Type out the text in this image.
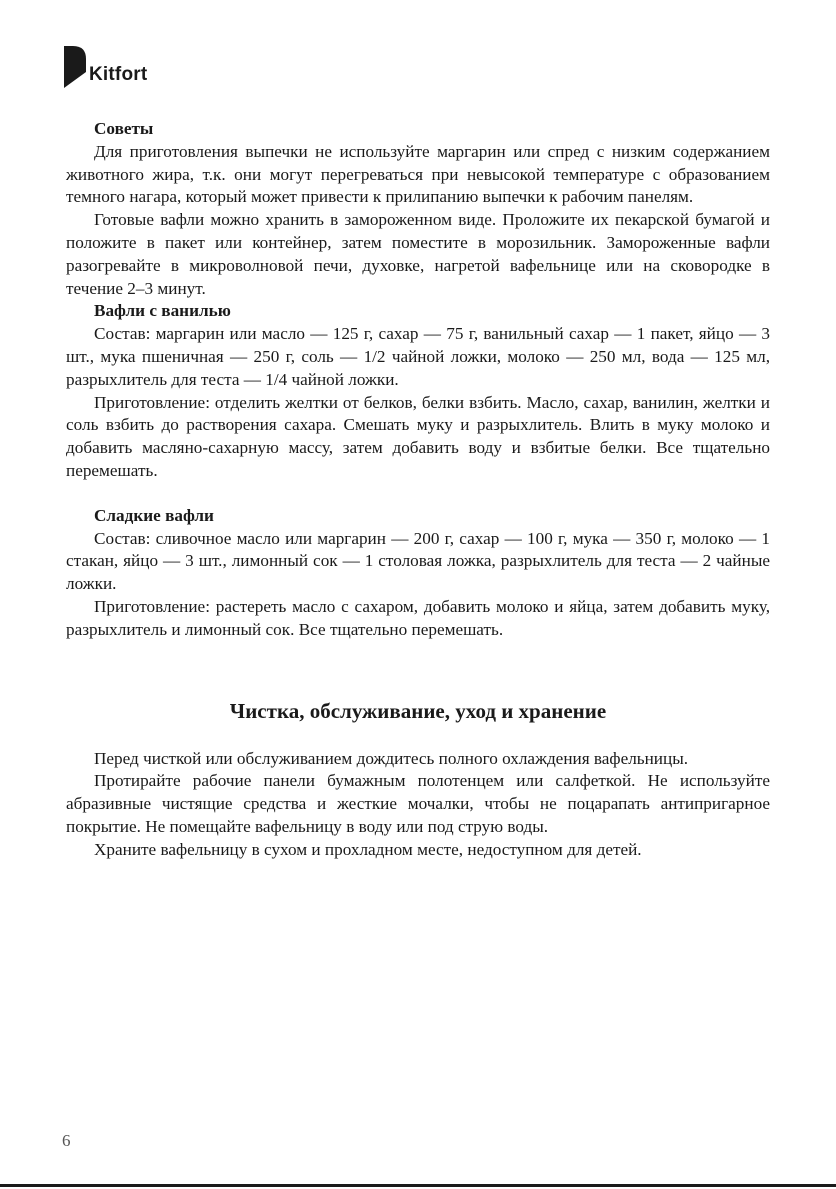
Kitfort
Советы

Для приготовления выпечки не используйте маргарин или спред с низким содержанием животного жира, т.к. они могут перегреваться при невысокой температуре с образованием темного нагара, который может привести к прилипанию выпечки к рабочим панелям.

Готовые вафли можно хранить в замороженном виде. Проложите их пекарской бумагой и положите в пакет или контейнер, затем поместите в морозильник. Замороженные вафли разогревайте в микроволновой печи, духовке, нагретой вафельнице или на сковородке в течение 2–3 минут.

Вафли с ванилью

Состав: маргарин или масло — 125 г, сахар — 75 г, ванильный сахар — 1 пакет, яйцо — 3 шт., мука пшеничная — 250 г, соль — 1/2 чайной ложки, молоко — 250 мл, вода — 125 мл, разрыхлитель для теста — 1/4 чайной ложки.

Приготовление: отделить желтки от белков, белки взбить. Масло, сахар, ванилин, желтки и соль взбить до растворения сахара. Смешать муку и разрыхлитель. Влить в муку молоко и добавить масляно-сахарную массу, затем добавить воду и взбитые белки. Все тщательно перемешать.

Сладкие вафли

Состав: сливочное масло или маргарин — 200 г, сахар — 100 г, мука — 350 г, молоко — 1 стакан, яйцо — 3 шт., лимонный сок — 1 столовая ложка, разрыхлитель для теста — 2 чайные ложки.

Приготовление: растереть масло с сахаром, добавить молоко и яйца, затем добавить муку, разрыхлитель и лимонный сок. Все тщательно перемешать.

Чистка, обслуживание, уход и хранение

Перед чисткой или обслуживанием дождитесь полного охлаждения вафельницы.

Протирайте рабочие панели бумажным полотенцем или салфеткой. Не используйте абразивные чистящие средства и жесткие мочалки, чтобы не поцарапать антипригарное покрытие. Не помещайте вафельницу в воду или под струю воды.

Храните вафельницу в сухом и прохладном месте, недоступном для детей.

6
